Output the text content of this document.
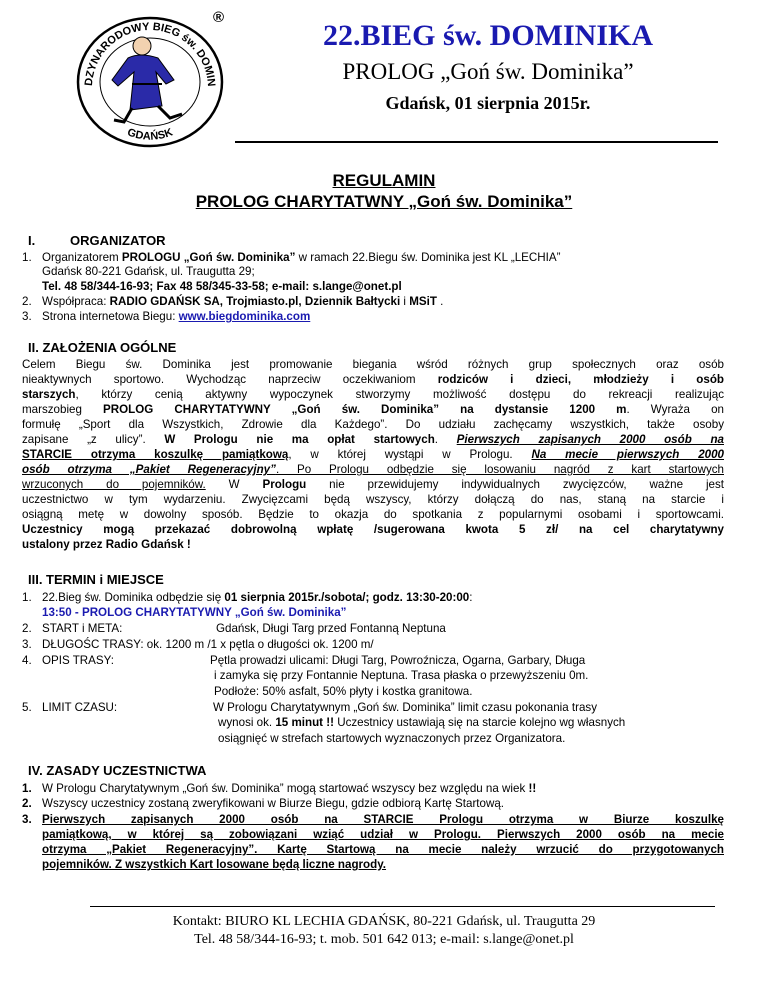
DZYNARODOWY BIEG św. DOMIN
GDAŃSK
®
22.BIEG św. DOMINIKA
PROLOG „Goń św. Dominika”
Gdańsk, 01 sierpnia 2015r.
REGULAMIN
PROLOG CHARYTATWNY „Goń św. Dominika”
I.	ORGANIZATOR
1. Organizatorem PROLOGU „Goń św. Dominika” w ramach 22.Biegu św. Dominika jest KL „LECHIA”
Gdańsk 80-221 Gdańsk, ul. Traugutta 29;
Tel. 48 58/344-16-93; Fax 48 58/345-33-58; e-mail: s.lange@onet.pl
2. Współpraca: RADIO GDAŃSK SA, Trojmiasto.pl, Dziennik Bałtycki i MSiT .
3. Strona internetowa Biegu: www.biegdominika.com
II. ZAŁOŻENIA OGÓLNE
Celem Biegu św. Dominika jest promowanie biegania wśród różnych grup społecznych oraz osób
nieaktywnych sportowo. Wychodząc naprzeciw oczekiwaniom rodziców i dzieci, młodzieży i osób
starszych, którzy cenią aktywny wypoczynek stworzymy możliwość dostępu do rekreacji realizując
marszobieg PROLOG CHARYTATYWNY „Goń św. Dominika” na dystansie 1200 m. Wyraża on
formułę „Sport dla Wszystkich, Zdrowie dla Każdego”. Do udziału zachęcamy wszystkich, także osoby
zapisane „z ulicy”. W Prologu nie ma opłat startowych. Pierwszych zapisanych 2000 osób na
STARCIE otrzyma koszulkę pamiątkową, w której wystąpi w Prologu. Na mecie pierwszych 2000
osób otrzyma „Pakiet Regeneracyjny”. Po Prologu odbędzie się losowaniu nagród z kart startowych
wrzuconych do pojemników. W Prologu nie przewidujemy indywidualnych zwycięzców, ważne jest
uczestnictwo w tym wydarzeniu. Zwycięzcami będą wszyscy, którzy dołączą do nas, staną na starcie i
osiągną metę w dowolny sposób. Będzie to okazja do spotkania z popularnymi osobami i sportowcami.
Uczestnicy mogą przekazać dobrowolną wpłatę /sugerowana kwota 5 zł/ na cel charytatywny
ustalony przez Radio Gdańsk !
III. TERMIN i MIEJSCE
1. 22.Bieg św. Dominika odbędzie się 01 sierpnia 2015r./sobota/; godz. 13:30-20:00:
13:50 - PROLOG CHARYTATYWNY „Goń św. Dominika”
2. START i META:	Gdańsk, Długi Targ przed Fontanną Neptuna
3. DŁUGOŚC TRASY: ok. 1200 m /1 x pętla o długości ok. 1200 m/
4. OPIS TRASY:	Pętla prowadzi ulicami: Długi Targ, Powroźnicza, Ogarna, Garbary, Długa
i zamyka się przy Fontannie Neptuna. Trasa płaska o przewyższeniu 0m.
Podłoże: 50% asfalt, 50% płyty i kostka granitowa.
5. LIMIT CZASU:	W Prologu Charytatywnym „Goń św. Dominika” limit czasu pokonania trasy
wynosi ok. 15 minut !! Uczestnicy ustawiają się na starcie kolejno wg własnych
osiągnięć w strefach startowych wyznaczonych przez Organizatora.
IV. ZASADY UCZESTNICTWA
1. W Prologu Charytatywnym „Goń św. Dominika” mogą startować wszyscy bez względu na wiek !!
2. Wszyscy uczestnicy zostaną zweryfikowani w Biurze Biegu, gdzie odbiorą Kartę Startową.
3. Pierwszych zapisanych 2000 osób na STARCIE Prologu otrzyma w Biurze koszulkę
pamiątkową, w której są zobowiązani wziąć udział w Prologu. Pierwszych 2000 osób na mecie
otrzyma „Pakiet Regeneracyjny”. Kartę Startową na mecie należy wrzucić do przygotowanych
pojemników. Z wszystkich Kart losowane będą liczne nagrody.
Kontakt: BIURO KL LECHIA GDAŃSK, 80-221 Gdańsk, ul. Traugutta 29
Tel. 48 58/344-16-93; t. mob. 501 642 013; e-mail: s.lange@onet.pl
